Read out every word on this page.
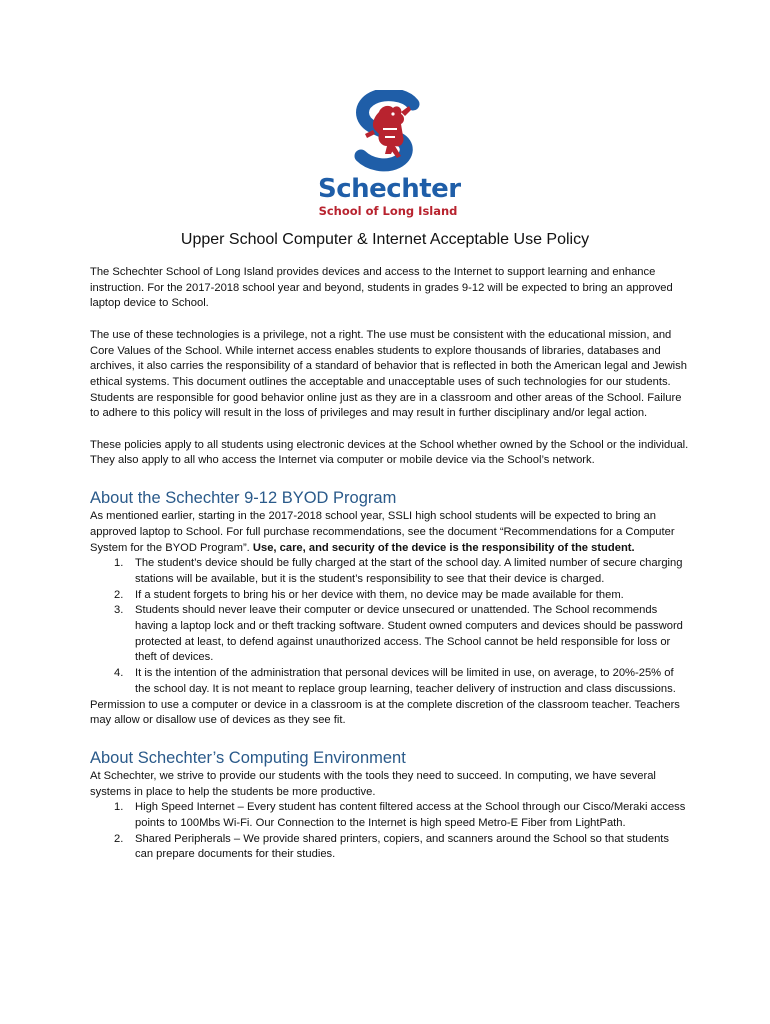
Schechter
School of Long Island
Upper School Computer & Internet Acceptable Use Policy

The Schechter School of Long Island provides devices and access to the Internet to support learning and enhance instruction. For the 2017-2018 school year and beyond, students in grades 9-12 will be expected to bring an approved laptop device to School.

The use of these technologies is a privilege, not a right. The use must be consistent with the educational mission, and Core Values of the School. While internet access enables students to explore thousands of libraries, databases and archives, it also carries the responsibility of a standard of behavior that is reflected in both the American legal and Jewish ethical systems. This document outlines the acceptable and unacceptable uses of such technologies for our students. Students are responsible for good behavior online just as they are in a classroom and other areas of the School. Failure to adhere to this policy will result in the loss of privileges and may result in further disciplinary and/or legal action.

These policies apply to all students using electronic devices at the School whether owned by the School or the individual. They also apply to all who access the Internet via computer or mobile device via the School’s network.

About the Schechter 9-12 BYOD Program

As mentioned earlier, starting in the 2017-2018 school year, SSLI high school students will be expected to bring an approved laptop to School. For full purchase recommendations, see the document “Recommendations for a Computer System for the BYOD Program”. Use, care, and security of the device is the responsibility of the student.

1. The student’s device should be fully charged at the start of the school day. A limited number of secure charging stations will be available, but it is the student’s responsibility to see that their device is charged.
2. If a student forgets to bring his or her device with them, no device may be made available for them.
3. Students should never leave their computer or device unsecured or unattended. The School recommends having a laptop lock and or theft tracking software. Student owned computers and devices should be password protected at least, to defend against unauthorized access. The School cannot be held responsible for loss or theft of devices.
4. It is the intention of the administration that personal devices will be limited in use, on average, to 20%-25% of the school day. It is not meant to replace group learning, teacher delivery of instruction and class discussions.

Permission to use a computer or device in a classroom is at the complete discretion of the classroom teacher. Teachers may allow or disallow use of devices as they see fit.

About Schechter’s Computing Environment

At Schechter, we strive to provide our students with the tools they need to succeed. In computing, we have several systems in place to help the students be more productive.

1. High Speed Internet – Every student has content filtered access at the School through our Cisco/Meraki access points to 100Mbs Wi-Fi. Our Connection to the Internet is high speed Metro-E Fiber from LightPath.
2. Shared Peripherals – We provide shared printers, copiers, and scanners around the School so that students can prepare documents for their studies.
